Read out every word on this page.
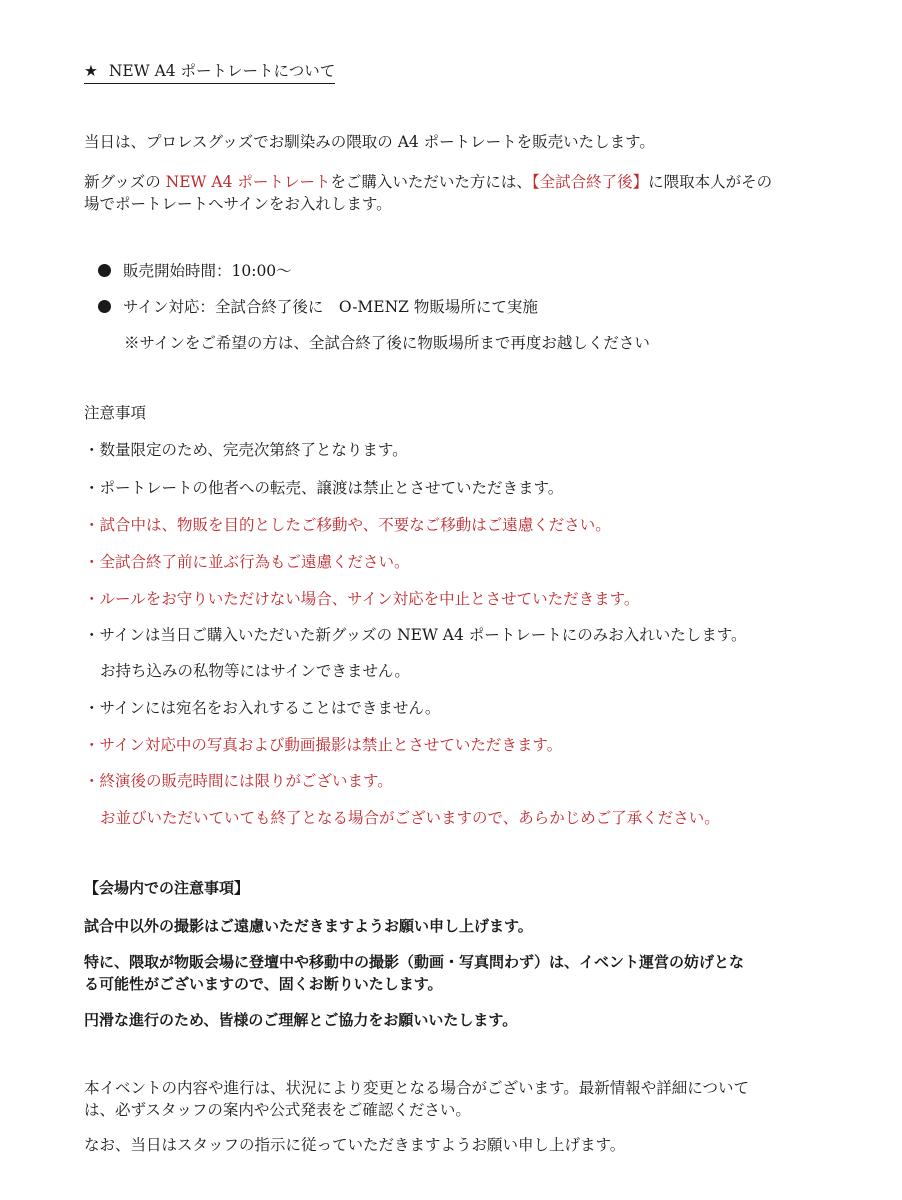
★ NEW A4 ポートレートについて
当日は、プロレスグッズでお馴染みの隈取の A4 ポートレートを販売いたします。
新グッズの NEW A4 ポートレートをご購入いただいた方には、【全試合終了後】に隈取本人がその
場でポートレートへサインをお入れします。
販売開始時間：10:00～
サイン対応：全試合終了後に　O-MENZ 物販場所にて実施
※サインをご希望の方は、全試合終了後に物販場所まで再度お越しください
注意事項
・数量限定のため、完売次第終了となります。
・ポートレートの他者への転売、譲渡は禁止とさせていただきます。
・試合中は、物販を目的としたご移動や、不要なご移動はご遠慮ください。
・全試合終了前に並ぶ行為もご遠慮ください。
・ルールをお守りいただけない場合、サイン対応を中止とさせていただきます。
・サインは当日ご購入いただいた新グッズの NEW A4 ポートレートにのみお入れいたします。
お持ち込みの私物等にはサインできません。
・サインには宛名をお入れすることはできません。
・サイン対応中の写真および動画撮影は禁止とさせていただきます。
・終演後の販売時間には限りがございます。
お並びいただいていても終了となる場合がございますので、あらかじめご了承ください。
【会場内での注意事項】
試合中以外の撮影はご遠慮いただきますようお願い申し上げます。
特に、隈取が物販会場に登壇中や移動中の撮影（動画・写真問わず）は、イベント運営の妨げとな
る可能性がございますので、固くお断りいたします。
円滑な進行のため、皆様のご理解とご協力をお願いいたします。
本イベントの内容や進行は、状況により変更となる場合がございます。最新情報や詳細について
は、必ずスタッフの案内や公式発表をご確認ください。
なお、当日はスタッフの指示に従っていただきますようお願い申し上げます。
